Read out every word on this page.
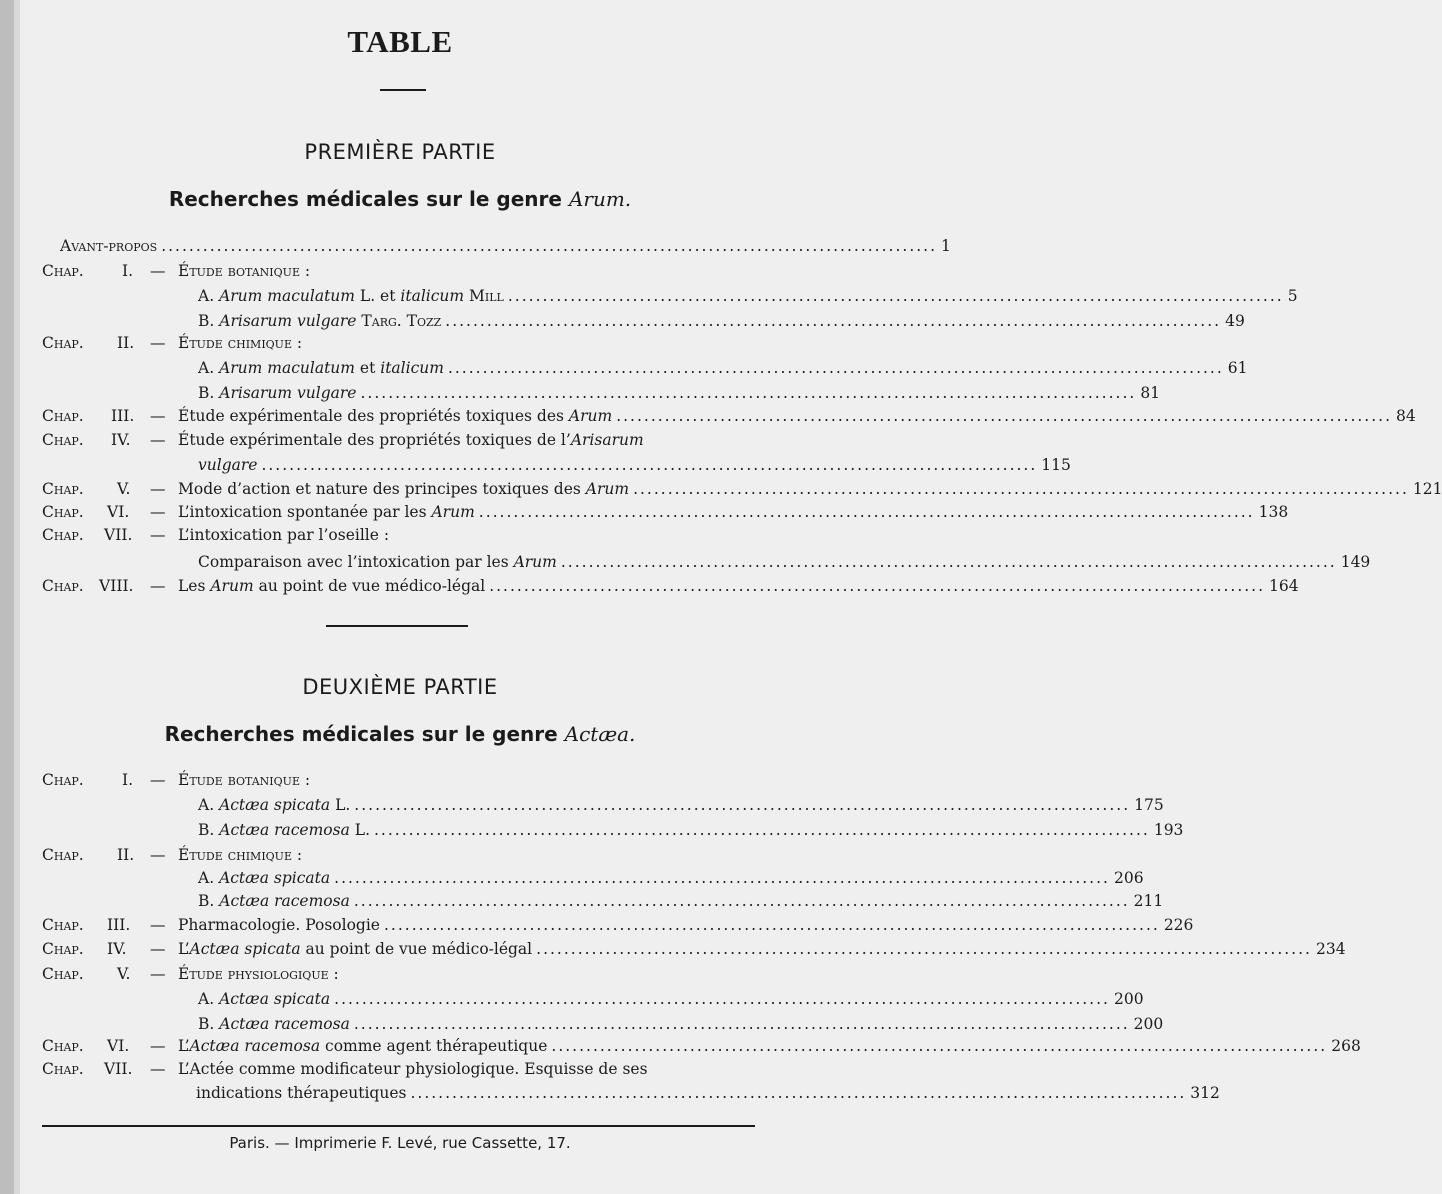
TABLE
PREMIÈRE PARTIE
Recherches médicales sur le genre Arum.
Avant-propos ................................................................................................................ 1
Chap. I. — Étude botanique :
A. Arum maculatum L. et italicum Mill ................................................................................................................ 5
B. Arisarum vulgare Targ. Tozz ................................................................................................................ 49
Chap. II. — Étude chimique :
A. Arum maculatum et italicum ................................................................................................................ 61
B. Arisarum vulgare ................................................................................................................ 81
Chap. III. — Étude expérimentale des propriétés toxiques des Arum ................................................................................................................ 84
Chap. IV. — Étude expérimentale des propriétés toxiques de l’Arisarum
vulgare ................................................................................................................ 115
Chap. V. — Mode d’action et nature des principes toxiques des Arum ................................................................................................................ 121
Chap. VI. — L’intoxication spontanée par les Arum ................................................................................................................ 138
Chap. VII. — L’intoxication par l’oseille :
Comparaison avec l’intoxication par les Arum ................................................................................................................ 149
Chap. VIII. — Les Arum au point de vue médico-légal ................................................................................................................ 164
DEUXIÈME PARTIE
Recherches médicales sur le genre Actæa.
Chap. I. — Étude botanique :
A. Actæa spicata L. ................................................................................................................ 175
B. Actæa racemosa L. ................................................................................................................ 193
Chap. II. — Étude chimique :
A. Actæa spicata ................................................................................................................ 206
B. Actæa racemosa ................................................................................................................ 211
Chap. III. — Pharmacologie. Posologie ................................................................................................................ 226
Chap. IV. — L’Actæa spicata au point de vue médico-légal ................................................................................................................ 234
Chap. V. — Étude physiologique :
A. Actæa spicata ................................................................................................................ 200
B. Actæa racemosa ................................................................................................................ 200
Chap. VI. — L’Actæa racemosa comme agent thérapeutique ................................................................................................................ 268
Chap. VII. — L’Actée comme modificateur physiologique. Esquisse de ses
indications thérapeutiques ................................................................................................................ 312
Paris. — Imprimerie F. Levé, rue Cassette, 17.
